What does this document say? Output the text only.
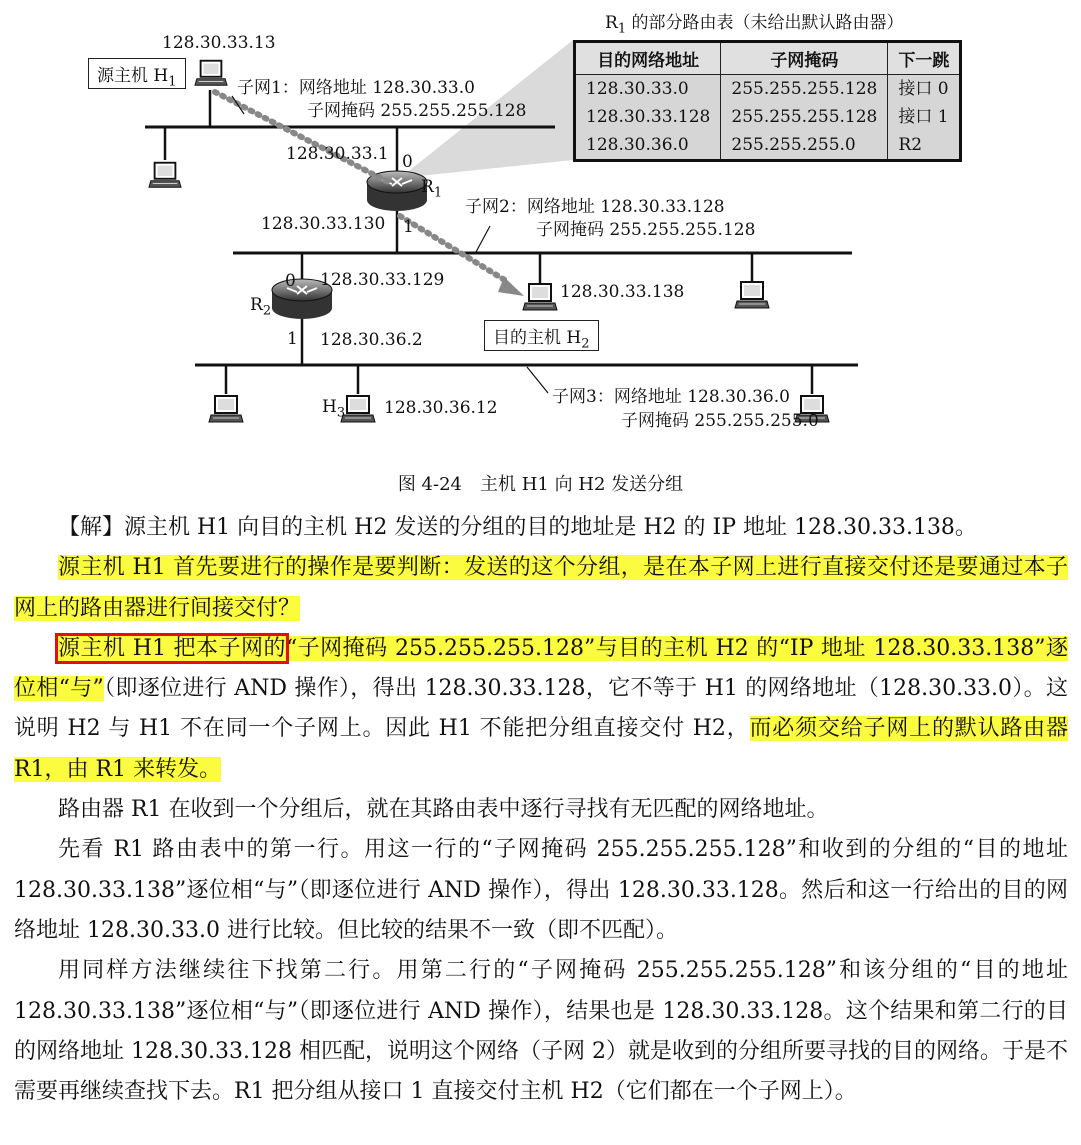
源主机 $H_1$
128.30.33.13
子网1：网络地址 128.30.33.0
子网掩码 255.255.255.128
128.30.33.1 0
$R_1$
128.30.33.130 1
子网2：网络地址 128.30.33.128
子网掩码 255.255.255.128
0 128.30.33.129
$R_2$
1 128.30.36.2
128.30.33.138
目的主机 $H_2$
$H_3$ 128.30.36.12
子网3：网络地址 128.30.36.0
子网掩码 255.255.255.0
$R_1$ 的部分路由表（未给出默认路由器）
目的网络地址	子网掩码	下一跳
128.30.33.0	255.255.255.128	接口 0
128.30.33.128	255.255.255.128	接口 1
128.30.36.0	255.255.255.0	R2
图 4-24　主机 H1 向 H2 发送分组

【解】源主机 H1 向目的主机 H2 发送的分组的目的地址是 H2 的 IP 地址 128.30.33.138。

源主机 H1 首先要进行的操作是要判断：发送的这个分组，是在本子网上进行直接交付还是要通过本子网上的路由器进行间接交付？

源主机 H1 把本子网的“子网掩码 255.255.255.128”与目的主机 H2 的“IP 地址 128.30.33.138”逐位相“与”（即逐位进行 AND 操作），得出 128.30.33.128，它不等于 H1 的网络地址（128.30.33.0）。这说明 H2 与 H1 不在同一个子网上。因此 H1 不能把分组直接交付 H2，而必须交给子网上的默认路由器 R1，由 R1 来转发。

路由器 R1 在收到一个分组后，就在其路由表中逐行寻找有无匹配的网络地址。

先看 R1 路由表中的第一行。用这一行的“子网掩码 255.255.255.128”和收到的分组的“目的地址 128.30.33.138”逐位相“与”（即逐位进行 AND 操作），得出 128.30.33.128。然后和这一行给出的目的网络地址 128.30.33.0 进行比较。但比较的结果不一致（即不匹配）。

用同样方法继续往下找第二行。用第二行的“子网掩码 255.255.255.128”和该分组的“目的地址 128.30.33.138”逐位相“与”（即逐位进行 AND 操作），结果也是 128.30.33.128。这个结果和第二行的目的网络地址 128.30.33.128 相匹配，说明这个网络（子网 2）就是收到的分组所要寻找的目的网络。于是不需要再继续查找下去。R1 把分组从接口 1 直接交付主机 H2（它们都在一个子网上）。
